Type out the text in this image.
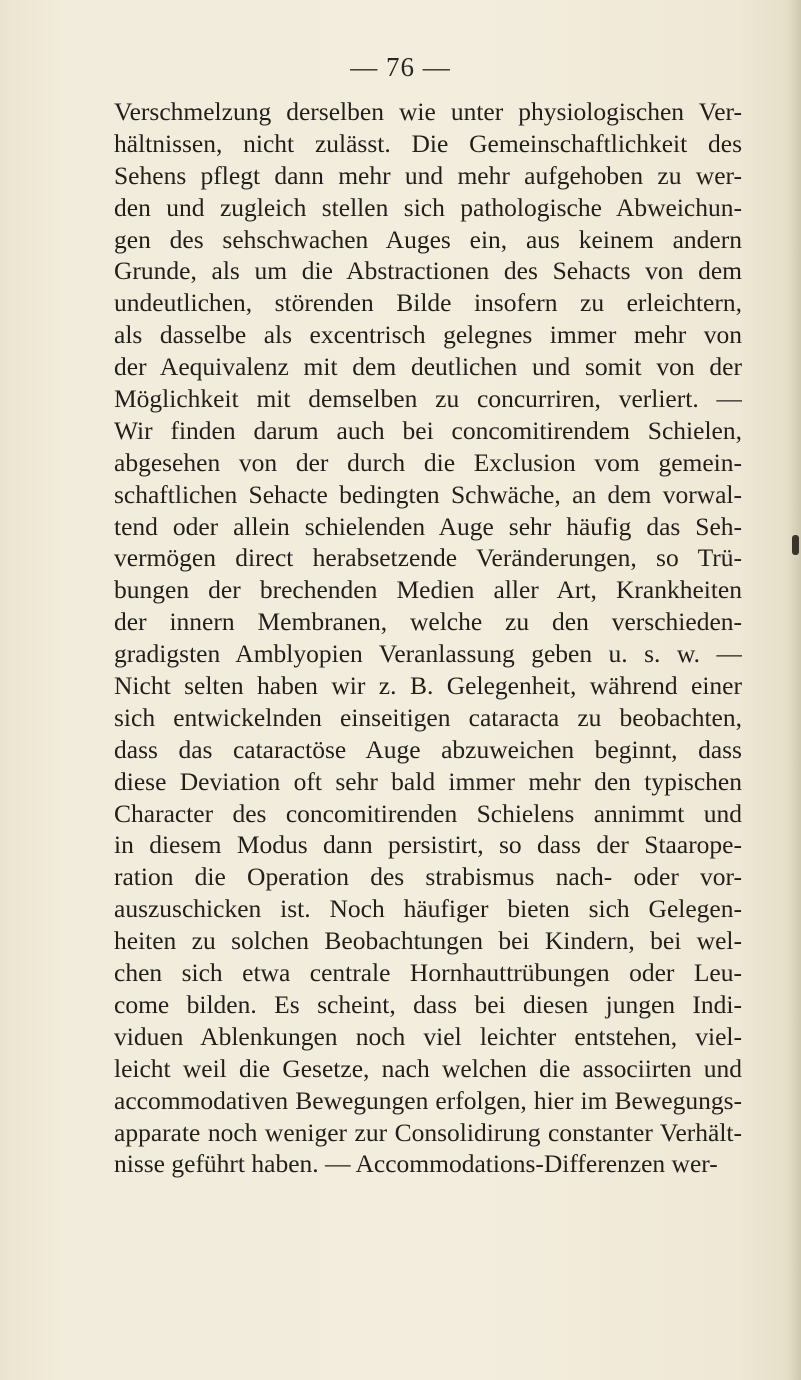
— 76 —
Verschmelzung derselben wie unter physiologischen Ver-
hältnissen, nicht zulässt. Die Gemeinschaftlichkeit des
Sehens pflegt dann mehr und mehr aufgehoben zu wer-
den und zugleich stellen sich pathologische Abweichun-
gen des sehschwachen Auges ein, aus keinem andern
Grunde, als um die Abstractionen des Sehacts von dem
undeutlichen, störenden Bilde insofern zu erleichtern,
als dasselbe als excentrisch gelegnes immer mehr von
der Aequivalenz mit dem deutlichen und somit von der
Möglichkeit mit demselben zu concurriren, verliert. —
Wir finden darum auch bei concomitirendem Schielen,
abgesehen von der durch die Exclusion vom gemein-
schaftlichen Sehacte bedingten Schwäche, an dem vorwal-
tend oder allein schielenden Auge sehr häufig das Seh-
vermögen direct herabsetzende Veränderungen, so Trü-
bungen der brechenden Medien aller Art, Krankheiten
der innern Membranen, welche zu den verschieden-
gradigsten Amblyopien Veranlassung geben u. s. w. —
Nicht selten haben wir z. B. Gelegenheit, während einer
sich entwickelnden einseitigen cataracta zu beobachten,
dass das cataractöse Auge abzuweichen beginnt, dass
diese Deviation oft sehr bald immer mehr den typischen
Character des concomitirenden Schielens annimmt und
in diesem Modus dann persistirt, so dass der Staarope-
ration die Operation des strabismus nach- oder vor-
auszuschicken ist. Noch häufiger bieten sich Gelegen-
heiten zu solchen Beobachtungen bei Kindern, bei wel-
chen sich etwa centrale Hornhauttrübungen oder Leu-
come bilden. Es scheint, dass bei diesen jungen Indi-
viduen Ablenkungen noch viel leichter entstehen, viel-
leicht weil die Gesetze, nach welchen die associirten und
accommodativen Bewegungen erfolgen, hier im Bewegungs-
apparate noch weniger zur Consolidirung constanter Verhält-
nisse geführt haben. — Accommodations-Differenzen wer-
